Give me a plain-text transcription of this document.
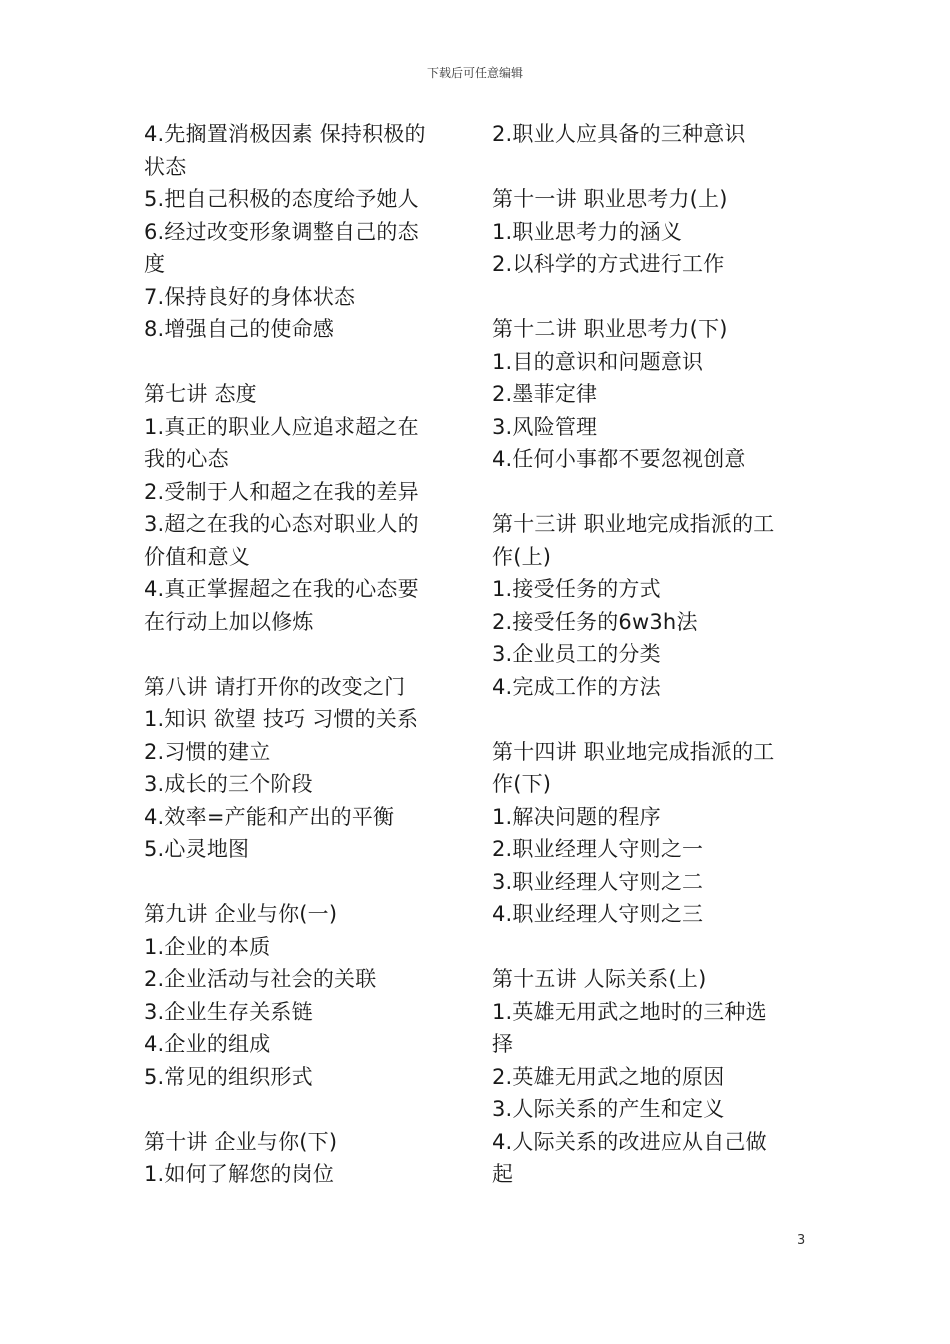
下载后可任意编辑
4.先搁置消极因素 保持积极的
状态
5.把自己积极的态度给予她人
6.经过改变形象调整自己的态
度
7.保持良好的身体状态
8.增强自己的使命感
第七讲 态度
1.真正的职业人应追求超之在
我的心态
2.受制于人和超之在我的差异
3.超之在我的心态对职业人的
价值和意义
4.真正掌握超之在我的心态要
在行动上加以修炼
第八讲 请打开你的改变之门
1.知识 欲望 技巧 习惯的关系
2.习惯的建立
3.成长的三个阶段
4.效率=产能和产出的平衡
5.心灵地图
第九讲 企业与你(一)
1.企业的本质
2.企业活动与社会的关联
3.企业生存关系链
4.企业的组成
5.常见的组织形式
第十讲 企业与你(下)
1.如何了解您的岗位
2.职业人应具备的三种意识
第十一讲 职业思考力(上)
1.职业思考力的涵义
2.以科学的方式进行工作
第十二讲 职业思考力(下)
1.目的意识和问题意识
2.墨菲定律
3.风险管理
4.任何小事都不要忽视创意
第十三讲 职业地完成指派的工
作(上)
1.接受任务的方式
2.接受任务的6w3h法
3.企业员工的分类
4.完成工作的方法
第十四讲 职业地完成指派的工
作(下)
1.解决问题的程序
2.职业经理人守则之一
3.职业经理人守则之二
4.职业经理人守则之三
第十五讲 人际关系(上)
1.英雄无用武之地时的三种选
择
2.英雄无用武之地的原因
3.人际关系的产生和定义
4.人际关系的改进应从自己做
起
3
